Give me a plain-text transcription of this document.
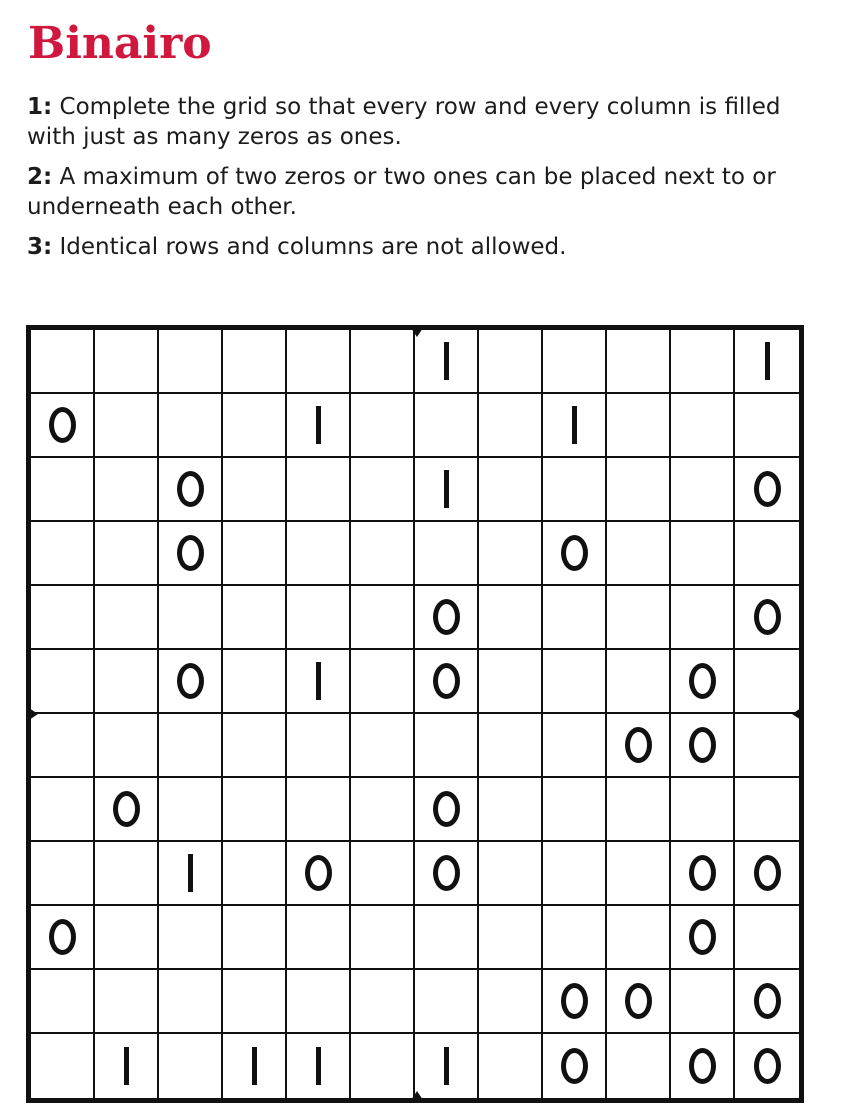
Binairo

1: Complete the grid so that every row and every column is filled with just as many zeros as ones.

2: A maximum of two zeros or two ones can be placed next to or underneath each other.

3: Identical rows and columns are not allowed.
